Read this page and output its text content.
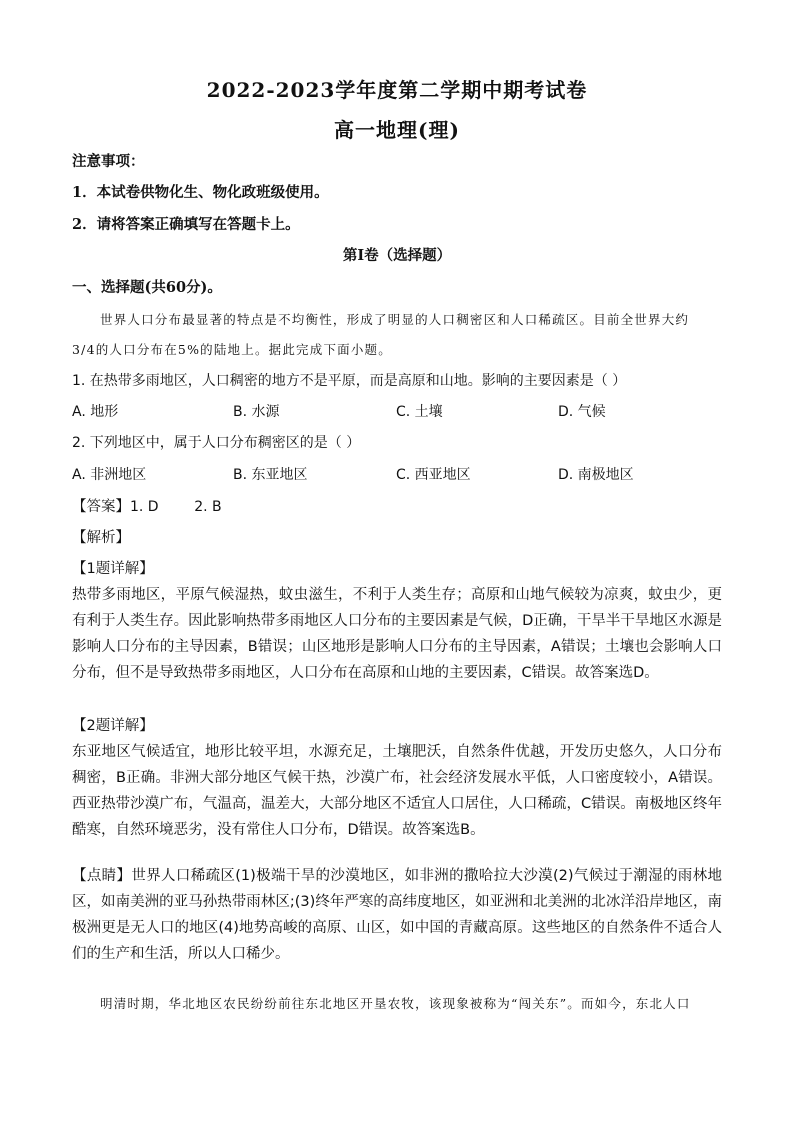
2022-2023学年度第二学期中期考试卷
高一地理(理)
注意事项：
1．本试卷供物化生、物化政班级使用。
2．请将答案正确填写在答题卡上。
第Ⅰ卷（选择题）
一、选择题(共60分)。
世界人口分布最显著的特点是不均衡性，形成了明显的人口稠密区和人口稀疏区。目前全世界大约
3/4的人口分布在5%的陆地上。据此完成下面小题。
1. 在热带多雨地区，人口稠密的地方不是平原，而是高原和山地。影响的主要因素是（ ）
A. 地形	B. 水源	C. 土壤	D. 气候
2. 下列地区中，属于人口分布稠密区的是（ ）
A. 非洲地区	B. 东亚地区	C. 西亚地区	D. 南极地区
【答案】1. D        2. B
【解析】
【1题详解】
热带多雨地区，平原气候湿热，蚊虫滋生，不利于人类生存；高原和山地气候较为凉爽，蚊虫少，更有利于人类生存。因此影响热带多雨地区人口分布的主要因素是气候，D正确，干旱半干旱地区水源是影响人口分布的主导因素，B错误；山区地形是影响人口分布的主导因素，A错误；土壤也会影响人口分布，但不是导致热带多雨地区，人口分布在高原和山地的主要因素，C错误。故答案选D。
【2题详解】
东亚地区气候适宜，地形比较平坦，水源充足，土壤肥沃，自然条件优越，开发历史悠久，人口分布稠密，B正确。非洲大部分地区气候干热，沙漠广布，社会经济发展水平低，人口密度较小，A错误。西亚热带沙漠广布，气温高，温差大，大部分地区不适宜人口居住，人口稀疏，C错误。南极地区终年酷寒，自然环境恶劣，没有常住人口分布，D错误。故答案选B。
【点睛】世界人口稀疏区(1)极端干旱的沙漠地区，如非洲的撒哈拉大沙漠(2)气候过于潮湿的雨林地区，如南美洲的亚马孙热带雨林区;(3)终年严寒的高纬度地区，如亚洲和北美洲的北冰洋沿岸地区，南极洲更是无人口的地区(4)地势高峻的高原、山区，如中国的青藏高原。这些地区的自然条件不适合人们的生产和生活，所以人口稀少。
明清时期，华北地区农民纷纷前往东北地区开垦农牧，该现象被称为“闯关东”。而如今，东北人口
